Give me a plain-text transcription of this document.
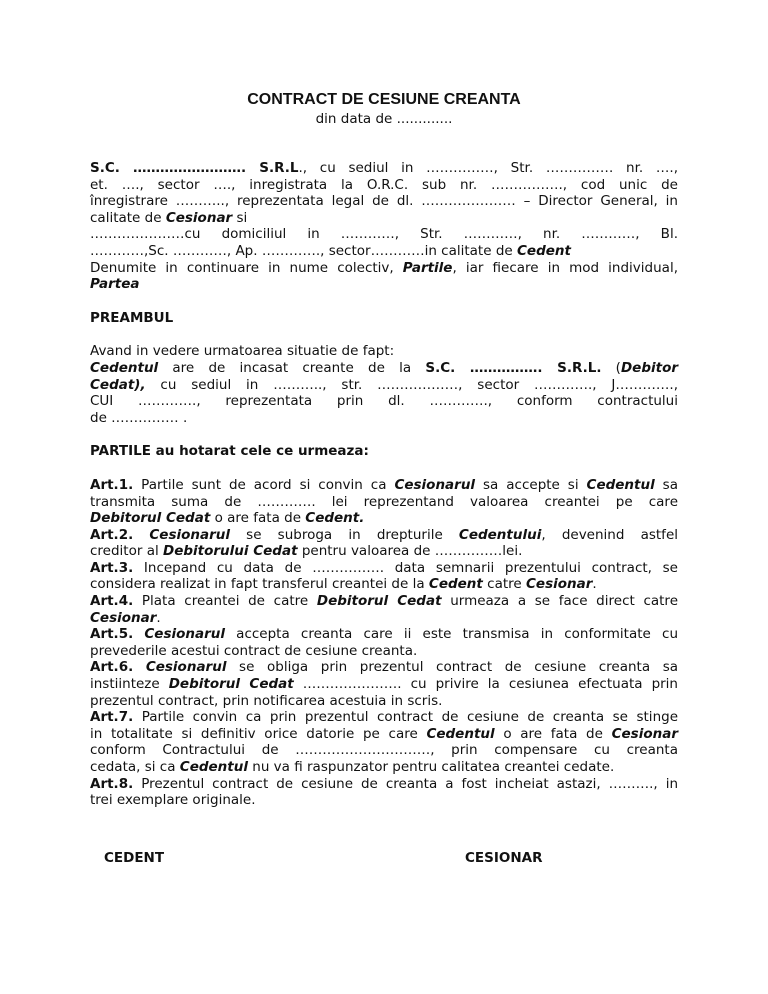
CONTRACT DE CESIUNE CREANTA
din data de .............
S.C. ……………………. S.R.L., cu sediul in ……………, Str. …………… nr. ….,
et. …., sector …., inregistrata la O.R.C. sub nr. ……………., cod unic de
înregistrare ……….., reprezentata legal de dl. ………………… – Director General, in
calitate de Cesionar si
…………………cu domiciliul in …………, Str. …………, nr. …………, Bl.
…………,Sc. …………, Ap. …………., sector…………in calitate de Cedent
Denumite in continuare in nume colectiv, Partile, iar fiecare in mod individual,
Partea
PREAMBUL
Avand in vedere urmatoarea situatie de fapt:
Cedentul are de incasat creante de la S.C. ……………. S.R.L. (Debitor
Cedat), cu sediul in ……….., str. ………………, sector …………., J………….,
CUI …………., reprezentata prin dl. …………., conform contractului
de …………… .
PARTILE au hotarat cele ce urmeaza:
Art.1. Partile sunt de acord si convin ca Cesionarul sa accepte si Cedentul sa
transmita suma de …………. lei reprezentand valoarea creantei pe care
Debitorul Cedat o are fata de Cedent.
Art.2. Cesionarul se subroga in drepturile Cedentului, devenind astfel
creditor al Debitorului Cedat pentru valoarea de ……………lei.
Art.3. Incepand cu data de ……………. data semnarii prezentului contract, se
considera realizat in fapt transferul creantei de la Cedent catre Cesionar.
Art.4. Plata creantei de catre Debitorul Cedat urmeaza a se face direct catre
Cesionar.
Art.5. Cesionarul accepta creanta care ii este transmisa in conformitate cu
prevederile acestui contract de cesiune creanta.
Art.6. Cesionarul se obliga prin prezentul contract de cesiune creanta sa
instiinteze Debitorul Cedat …………………. cu privire la cesiunea efectuata prin
prezentul contract, prin notificarea acestuia in scris.
Art.7. Partile convin ca prin prezentul contract de cesiune de creanta se stinge
in totalitate si definitiv orice datorie pe care Cedentul o are fata de Cesionar
conform Contractului de …………………………, prin compensare cu creanta
cedata, si ca Cedentul nu va fi raspunzator pentru calitatea creantei cedate.
Art.8. Prezentul contract de cesiune de creanta a fost incheiat astazi, ………., in
trei exemplare originale.
CEDENT	CESIONAR
